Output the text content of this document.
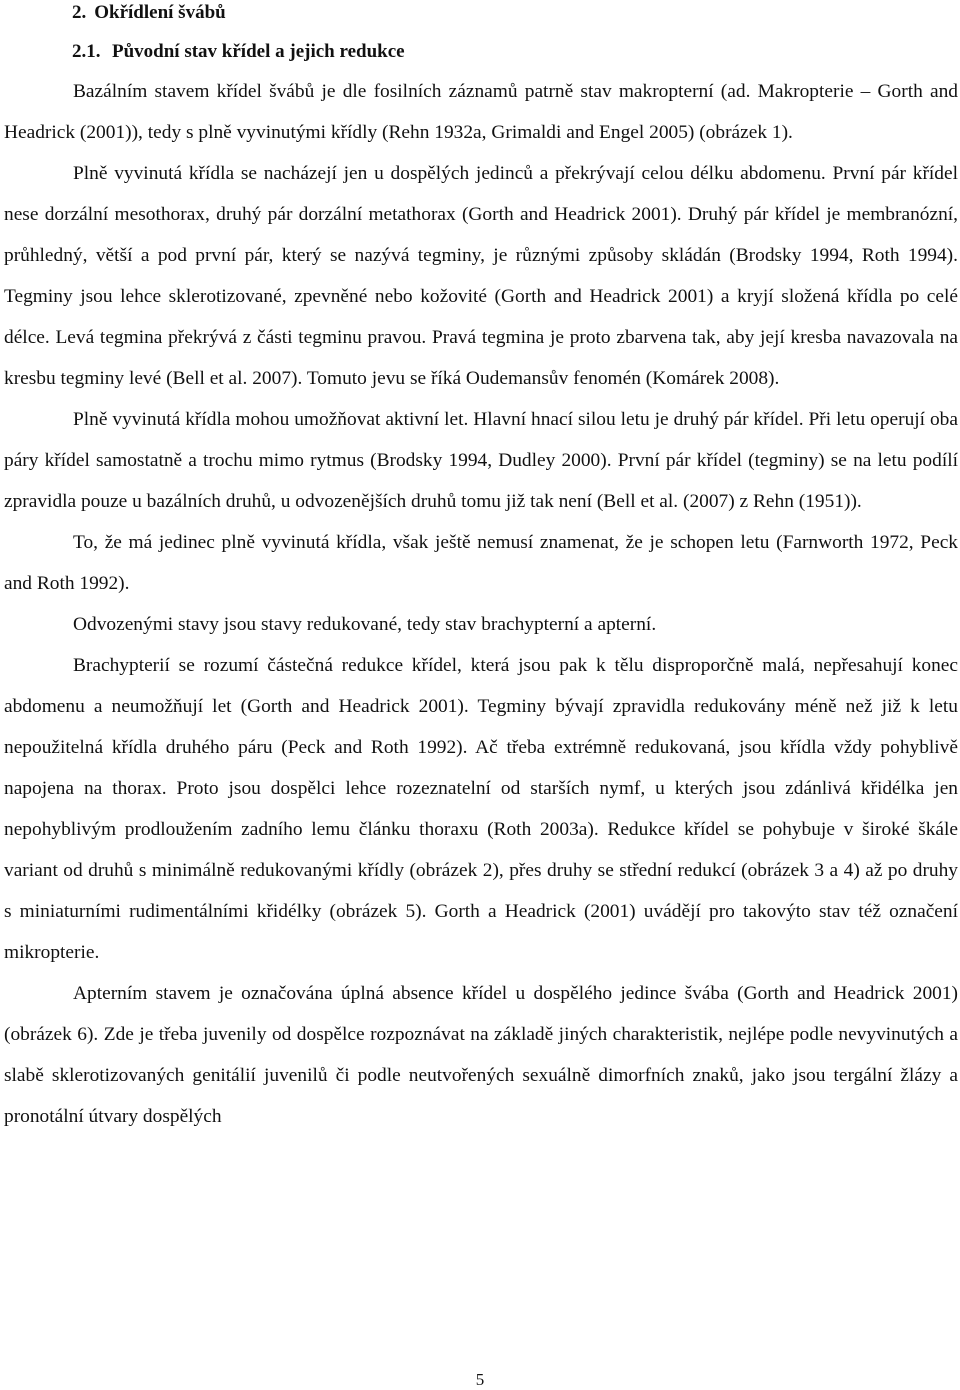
2. Okřídlení švábů
2.1. Původní stav křídel a jejich redukce

Bazálním stavem křídel švábů je dle fosilních záznamů patrně stav makropterní (ad. Makropterie – Gorth and Headrick (2001)), tedy s plně vyvinutými křídly (Rehn 1932a, Grimaldi and Engel 2005) (obrázek 1).

Plně vyvinutá křídla se nacházejí jen u dospělých jedinců a překrývají celou délku abdomenu. První pár křídel nese dorzální mesothorax, druhý pár dorzální metathorax (Gorth and Headrick 2001). Druhý pár křídel je membranózní, průhledný, větší a pod první pár, který se nazývá tegminy, je různými způsoby skládán (Brodsky 1994, Roth 1994). Tegminy jsou lehce sklerotizované, zpevněné nebo kožovité (Gorth and Headrick 2001) a kryjí složená křídla po celé délce. Levá tegmina překrývá z části tegminu pravou. Pravá tegmina je proto zbarvena tak, aby její kresba navazovala na kresbu tegminy levé (Bell et al. 2007). Tomuto jevu se říká Oudemansův fenomén (Komárek 2008).

Plně vyvinutá křídla mohou umožňovat aktivní let. Hlavní hnací silou letu je druhý pár křídel. Při letu operují oba páry křídel samostatně a trochu mimo rytmus (Brodsky 1994, Dudley 2000). První pár křídel (tegminy) se na letu podílí zpravidla pouze u bazálních druhů, u odvozenějších druhů tomu již tak není (Bell et al. (2007) z Rehn (1951)).

To, že má jedinec plně vyvinutá křídla, však ještě nemusí znamenat, že je schopen letu (Farnworth 1972, Peck and Roth 1992).

Odvozenými stavy jsou stavy redukované, tedy stav brachypterní a apterní.

Brachypterií se rozumí částečná redukce křídel, která jsou pak k tělu disproporčně malá, nepřesahují konec abdomenu a neumožňují let (Gorth and Headrick 2001). Tegminy bývají zpravidla redukovány méně než již k letu nepoužitelná křídla druhého páru (Peck and Roth 1992). Ač třeba extrémně redukovaná, jsou křídla vždy pohyblivě napojena na thorax. Proto jsou dospělci lehce rozeznatelní od starších nymf, u kterých jsou zdánlivá křidélka jen nepohyblivým prodloužením zadního lemu článku thoraxu (Roth 2003a). Redukce křídel se pohybuje v široké škále variant od druhů s minimálně redukovanými křídly (obrázek 2), přes druhy se střední redukcí (obrázek 3 a 4) až po druhy s miniaturními rudimentálními křidélky (obrázek 5). Gorth a Headrick (2001) uvádějí pro takovýto stav též označení mikropterie.

Apterním stavem je označována úplná absence křídel u dospělého jedince švába (Gorth and Headrick 2001) (obrázek 6). Zde je třeba juvenily od dospělce rozpoznávat na základě jiných charakteristik, nejlépe podle nevyvinutých a slabě sklerotizovaných genitálií juvenilů či podle neutvořených sexuálně dimorfních znaků, jako jsou tergální žlázy a pronotální útvary dospělých

5
